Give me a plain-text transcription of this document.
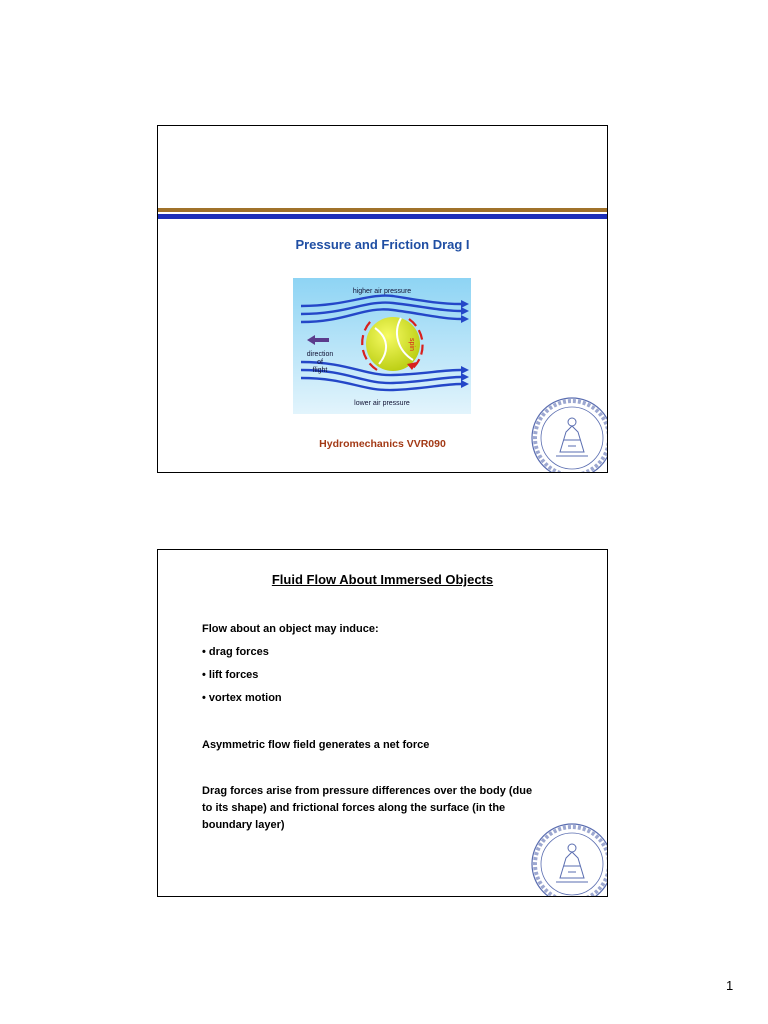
Pressure and Friction Drag I
higher air pressure
spin
direction
of
flight
lower air pressure
Hydromechanics VVR090
Fluid Flow About Immersed Objects
Flow about an object may induce:
• drag forces
• lift forces
• vortex motion
Asymmetric flow field generates a net force
Drag forces arise from pressure differences over the body (due
to its shape) and frictional forces along the surface (in the
boundary layer)
1
